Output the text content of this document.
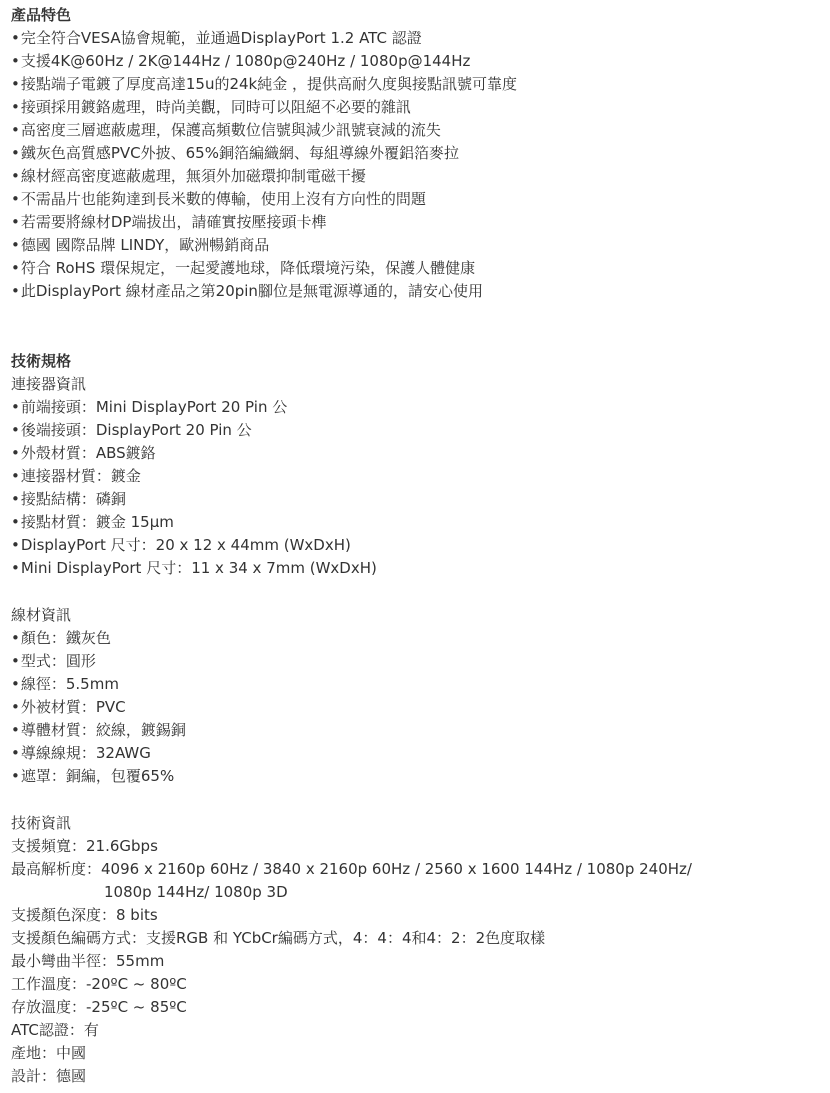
產品特色
• 完全符合VESA協會規範，並通過DisplayPort 1.2 ATC 認證
• 支援4K@60Hz / 2K@144Hz / 1080p@240Hz / 1080p@144Hz
• 接點端子電鍍了厚度高達15u的24k純金 ，提供高耐久度與接點訊號可靠度
• 接頭採用鍍鉻處理，時尚美觀，同時可以阻絕不必要的雜訊
• 高密度三層遮蔽處理，保護高頻數位信號與減少訊號衰減的流失
• 鐵灰色高質感PVC外披、65%銅箔編織網、每組導線外覆鋁箔麥拉
• 線材經高密度遮蔽處理，無須外加磁環抑制電磁干擾
• 不需晶片也能夠達到長米數的傳輸，使用上沒有方向性的問題
• 若需要將線材DP端拔出，請確實按壓接頭卡榫
• 德國 國際品牌 LINDY，歐洲暢銷商品
• 符合 RoHS 環保規定，一起愛護地球，降低環境污染，保護人體健康
• 此DisplayPort 線材產品之第20pin腳位是無電源導通的，請安心使用
技術規格
連接器資訊
• 前端接頭：Mini DisplayPort 20 Pin 公
• 後端接頭：DisplayPort 20 Pin 公
• 外殼材質：ABS鍍鉻
• 連接器材質：鍍金
• 接點結構：磷銅
• 接點材質：鍍金 15μm
• DisplayPort 尺寸：20 x 12 x 44mm (WxDxH)
• Mini DisplayPort 尺寸：11 x 34 x 7mm (WxDxH)
線材資訊
• 顏色：鐵灰色
• 型式：圓形
• 線徑：5.5mm
• 外被材質：PVC
• 導體材質：絞線，鍍錫銅
• 導線線規：32AWG
• 遮罩：銅編，包覆65%
技術資訊
支援頻寬：21.6Gbps
最高解析度：4096 x 2160p 60Hz / 3840 x 2160p 60Hz / 2560 x 1600 144Hz / 1080p 240Hz/
1080p 144Hz/ 1080p 3D
支援顏色深度：8 bits
支援顏色編碼方式：支援RGB 和 YCbCr編碼方式，4：4：4和4：2：2色度取樣
最小彎曲半徑：55mm
工作溫度：-20ºC ~ 80ºC
存放溫度：-25ºC ~ 85ºC
ATC認證：有
產地：中國
設計：德國
